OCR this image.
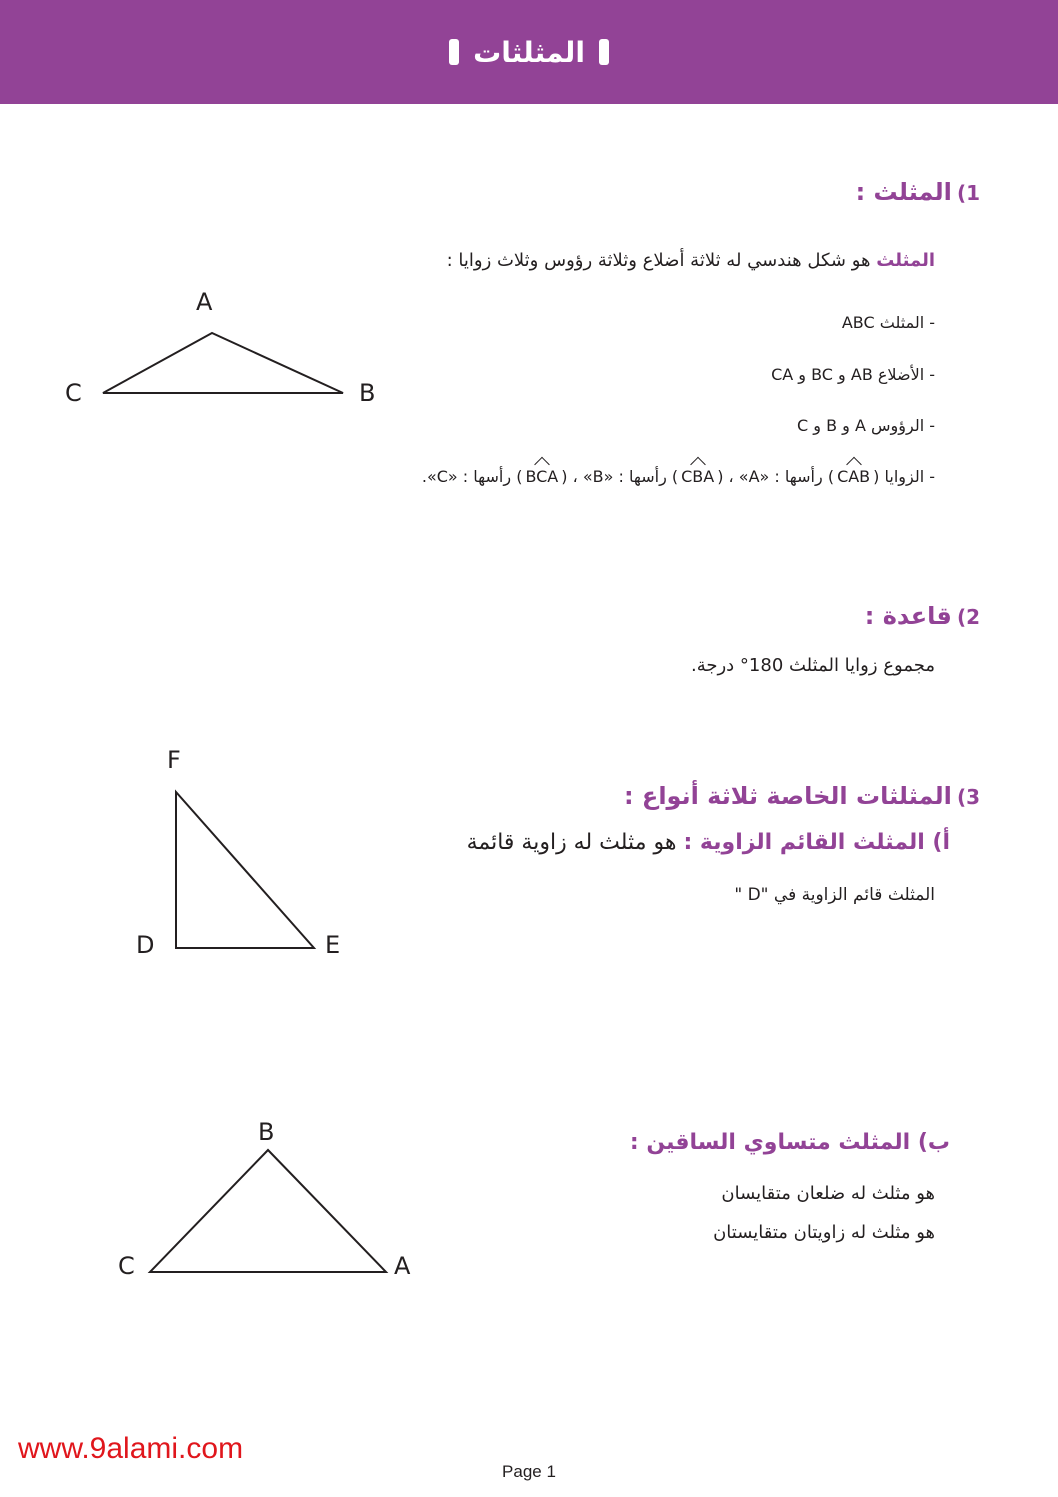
المثلثات
1) المثلث :
المثلث هو شكل هندسي له ثلاثة أضلاع وثلاثة رؤوس وثلاث زوايا :
- المثلث ABC
- الأضلاع AB و BC و CA
- الرؤوس A و B و C
- الزوايا (CAB) رأسها : «A» ، (CBA) رأسها : «B» ، (BCA) رأسها : «C».
2) قاعدة :
مجموع زوايا المثلث 180° درجة.
3) المثلثات الخاصة ثلاثة أنواع :
أ) المثلث القائم الزاوية : هو مثلث له زاوية قائمة
المثلث قائم الزاوية في "D "
ب) المثلث متساوي الساقين :
هو مثلث له ضلعان متقايسان
هو مثلث له زاويتان متقايستان
A
C	B
F
D	E
B
C	A
www.9alami.com
Page 1
